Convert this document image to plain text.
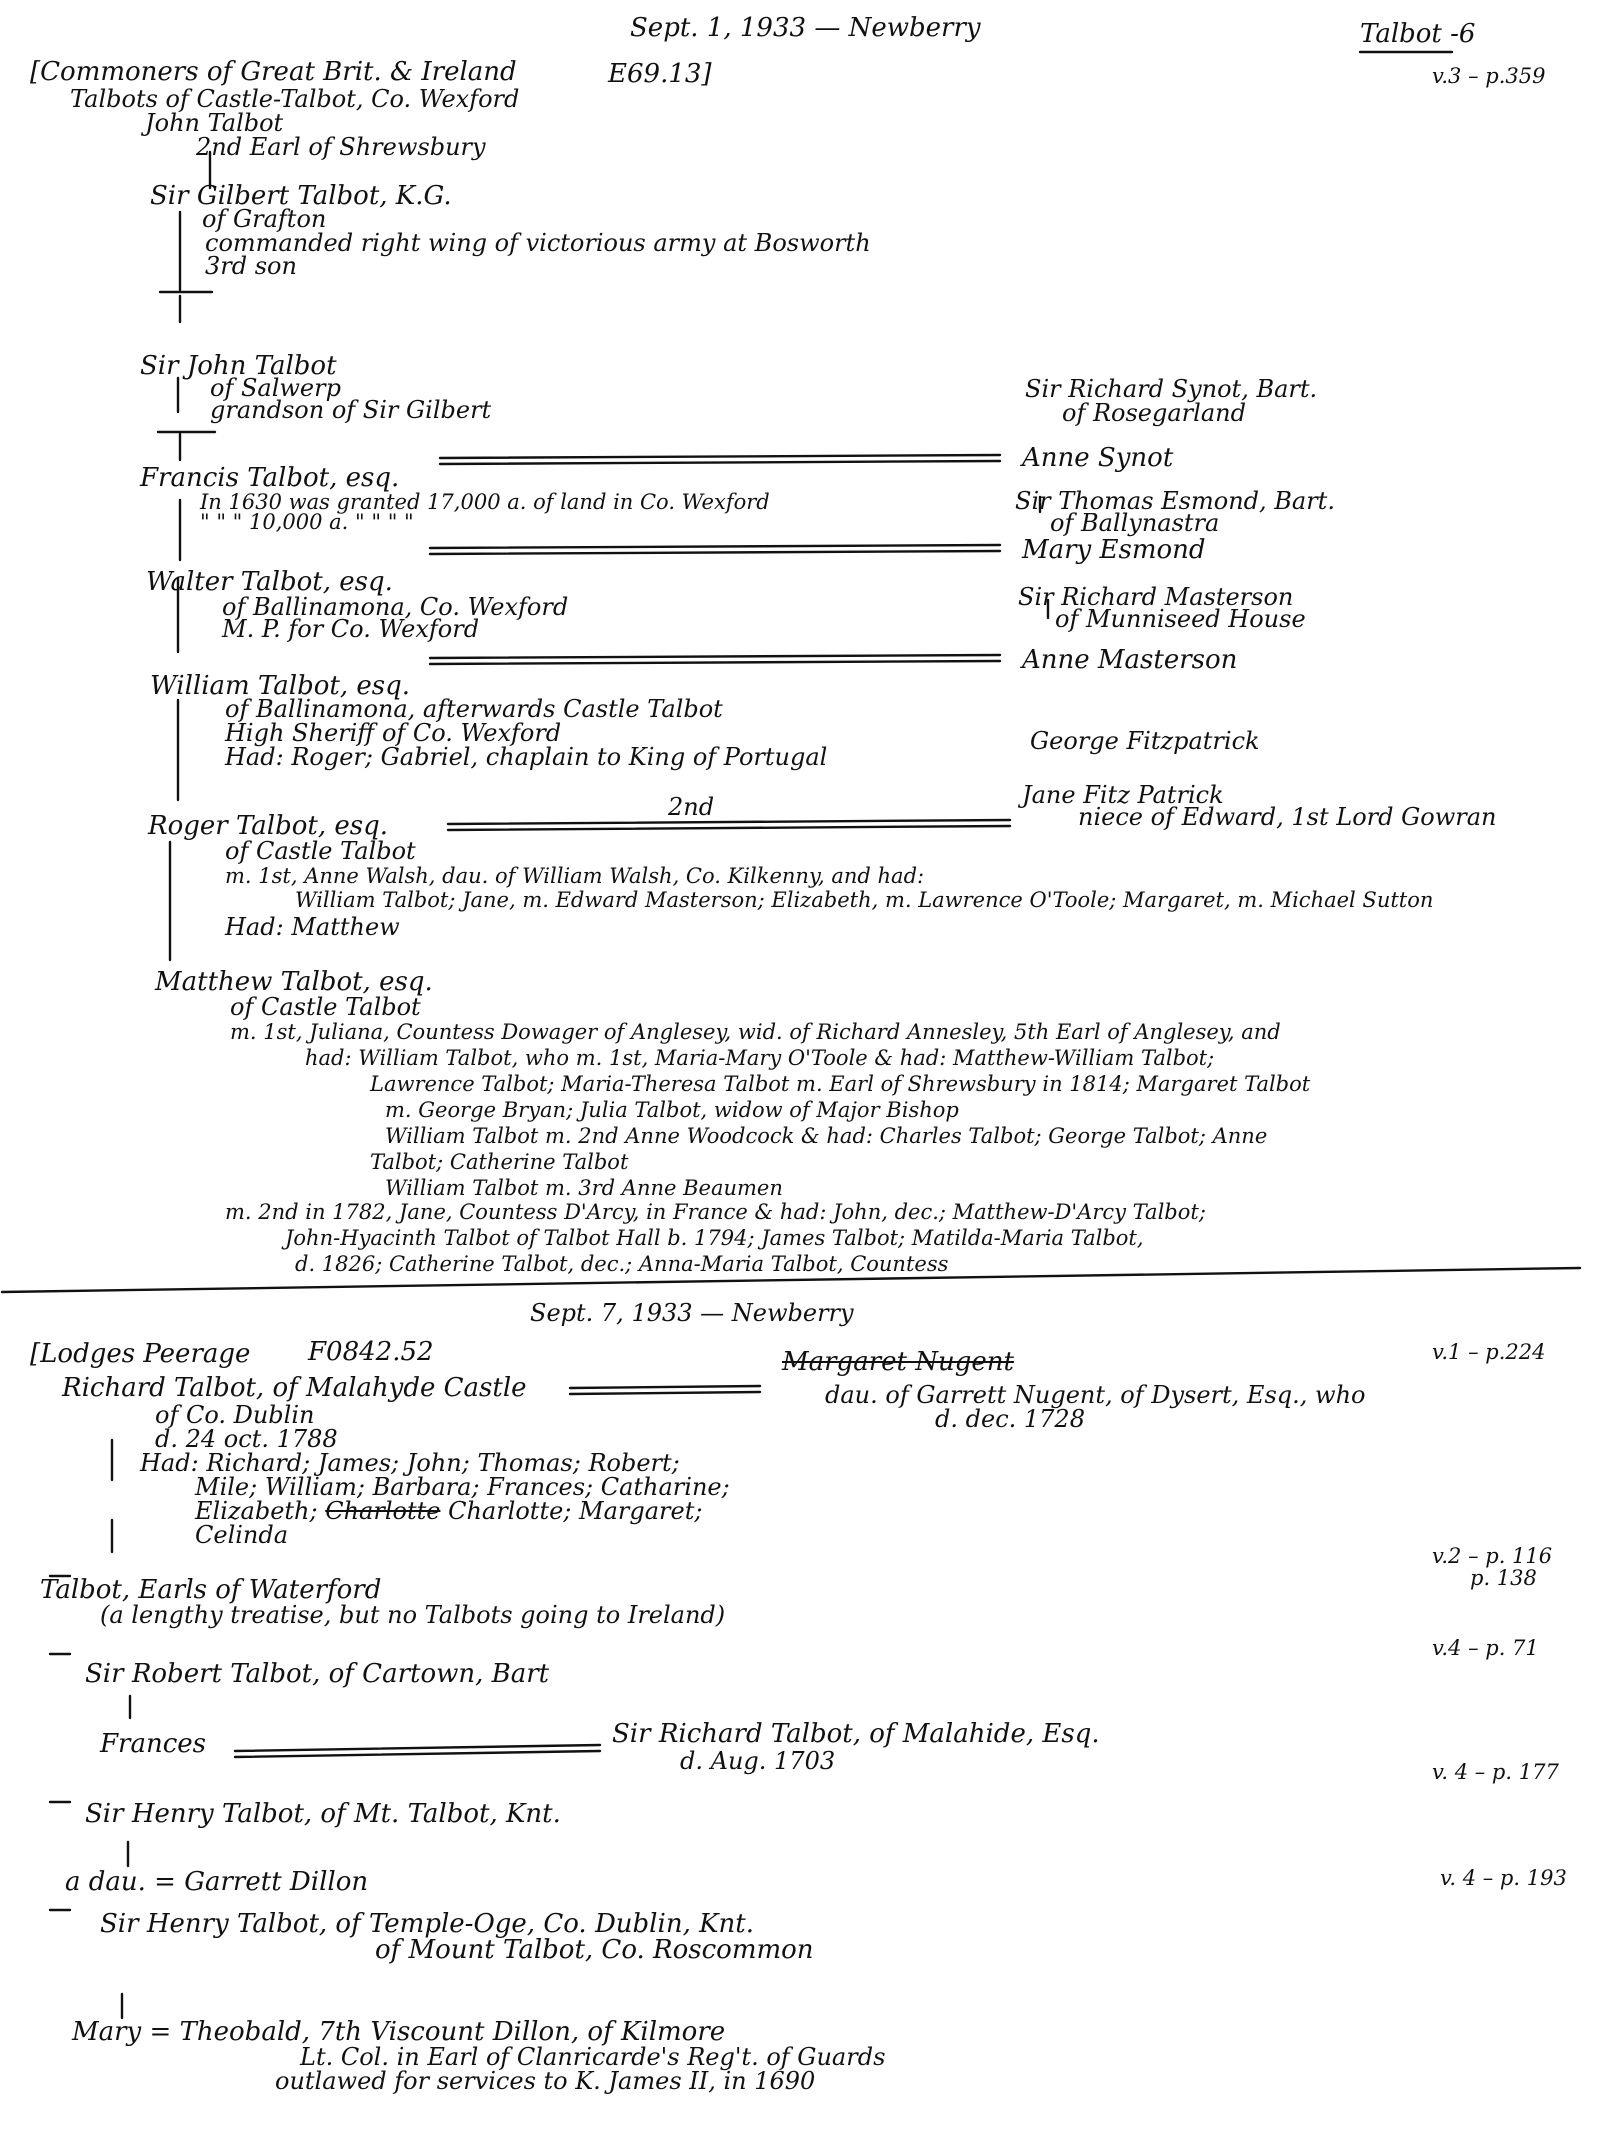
Sept. 1, 1933 — Newberry	Talbot -6
[Commoners of Great Brit. & Ireland	E69.13]	v.3 – p.359
Talbots of Castle-Talbot, Co. Wexford
John Talbot
2nd Earl of Shrewsbury
Sir Gilbert Talbot, K.G.
of Grafton
commanded right wing of victorious army at Bosworth
3rd son
Sir John Talbot
of Salwerp
grandson of Sir Gilbert
Sir Richard Synot, Bart.
of Rosegarland
Francis Talbot, esq.
In 1630 was granted 17,000 a. of land in Co. Wexford
" " " 10,000 a. " " " "
Anne Synot
Sir Thomas Esmond, Bart.
of Ballynastra
Walter Talbot, esq.
of Ballinamona, Co. Wexford
M. P. for Co. Wexford
Mary Esmond
Sir Richard Masterson
of Munniseed House
William Talbot, esq.
of Ballinamona, afterwards Castle Talbot
High Sheriff of Co. Wexford
Had: Roger; Gabriel, chaplain to King of Portugal
Anne Masterson
George Fitzpatrick
2nd
Roger Talbot, esq.
of Castle Talbot
m. 1st, Anne Walsh, dau. of William Walsh, Co. Kilkenny, and had:
William Talbot; Jane, m. Edward Masterson; Elizabeth, m. Lawrence O'Toole; Margaret, m. Michael Sutton
Had: Matthew
Jane Fitz Patrick
niece of Edward, 1st Lord Gowran
Matthew Talbot, esq.
of Castle Talbot
m. 1st, Juliana, Countess Dowager of Anglesey, wid. of Richard Annesley, 5th Earl of Anglesey, and
had: William Talbot, who m. 1st, Maria-Mary O'Toole & had: Matthew-William Talbot;
Lawrence Talbot; Maria-Theresa Talbot m. Earl of Shrewsbury in 1814; Margaret Talbot
m. George Bryan; Julia Talbot, widow of Major Bishop
William Talbot m. 2nd Anne Woodcock & had: Charles Talbot; George Talbot; Anne
Talbot; Catherine Talbot
William Talbot m. 3rd Anne Beaumen
m. 2nd in 1782, Jane, Countess D'Arcy, in France & had: John, dec.; Matthew-D'Arcy Talbot;
John-Hyacinth Talbot of Talbot Hall b. 1794; James Talbot; Matilda-Maria Talbot,
d. 1826; Catherine Talbot, dec.; Anna-Maria Talbot, Countess
Sept. 7, 1933 — Newberry
[Lodges Peerage F0842.52	v.1 – p.224
Margaret Nugent
dau. of Garrett Nugent, of Dysert, Esq., who
d. dec. 1728
Richard Talbot, of Malahyde Castle
of Co. Dublin
d. 24 oct. 1788
Had: Richard; James; John; Thomas; Robert;
Mile; William; Barbara; Frances; Catharine;
Elizabeth; Charlotte Charlotte; Margaret;
Celinda
v.2 – p. 116
p. 138
Talbot, Earls of Waterford
(a lengthy treatise, but no Talbots going to Ireland)
v.4 – p. 71
Sir Robert Talbot, of Cartown, Bart
Frances	Sir Richard Talbot, of Malahide, Esq.
d. Aug. 1703	v. 4 – p. 177
Sir Henry Talbot, of Mt. Talbot, Knt.
a dau. = Garrett Dillon	v. 4 – p. 193
Sir Henry Talbot, of Temple-Oge, Co. Dublin, Knt.
of Mount Talbot, Co. Roscommon
Mary = Theobald, 7th Viscount Dillon, of Kilmore
Lt. Col. in Earl of Clanricarde's Reg't. of Guards
outlawed for services to K. James II, in 1690
